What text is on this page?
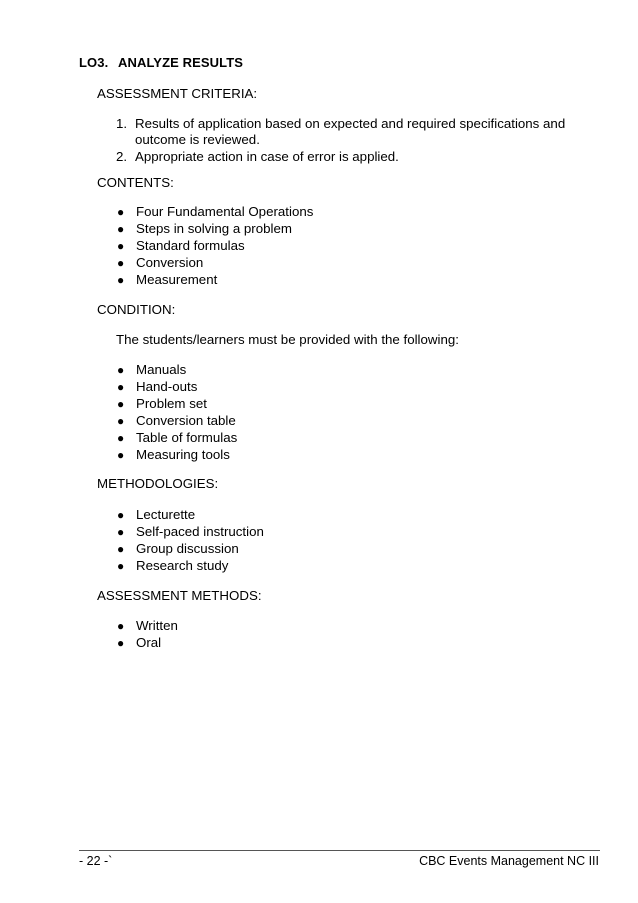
LO3. ANALYZE RESULTS
ASSESSMENT CRITERIA:
1. Results of application based on expected and required specifications and outcome is reviewed.
2. Appropriate action in case of error is applied.
CONTENTS:
● Four Fundamental Operations
● Steps in solving a problem
● Standard formulas
● Conversion
● Measurement
CONDITION:
The students/learners must be provided with the following:
● Manuals
● Hand-outs
● Problem set
● Conversion table
● Table of formulas
● Measuring tools
METHODOLOGIES:
● Lecturette
● Self-paced instruction
● Group discussion
● Research study
ASSESSMENT METHODS:
● Written
● Oral
- 22 -`	CBC Events Management NC III
